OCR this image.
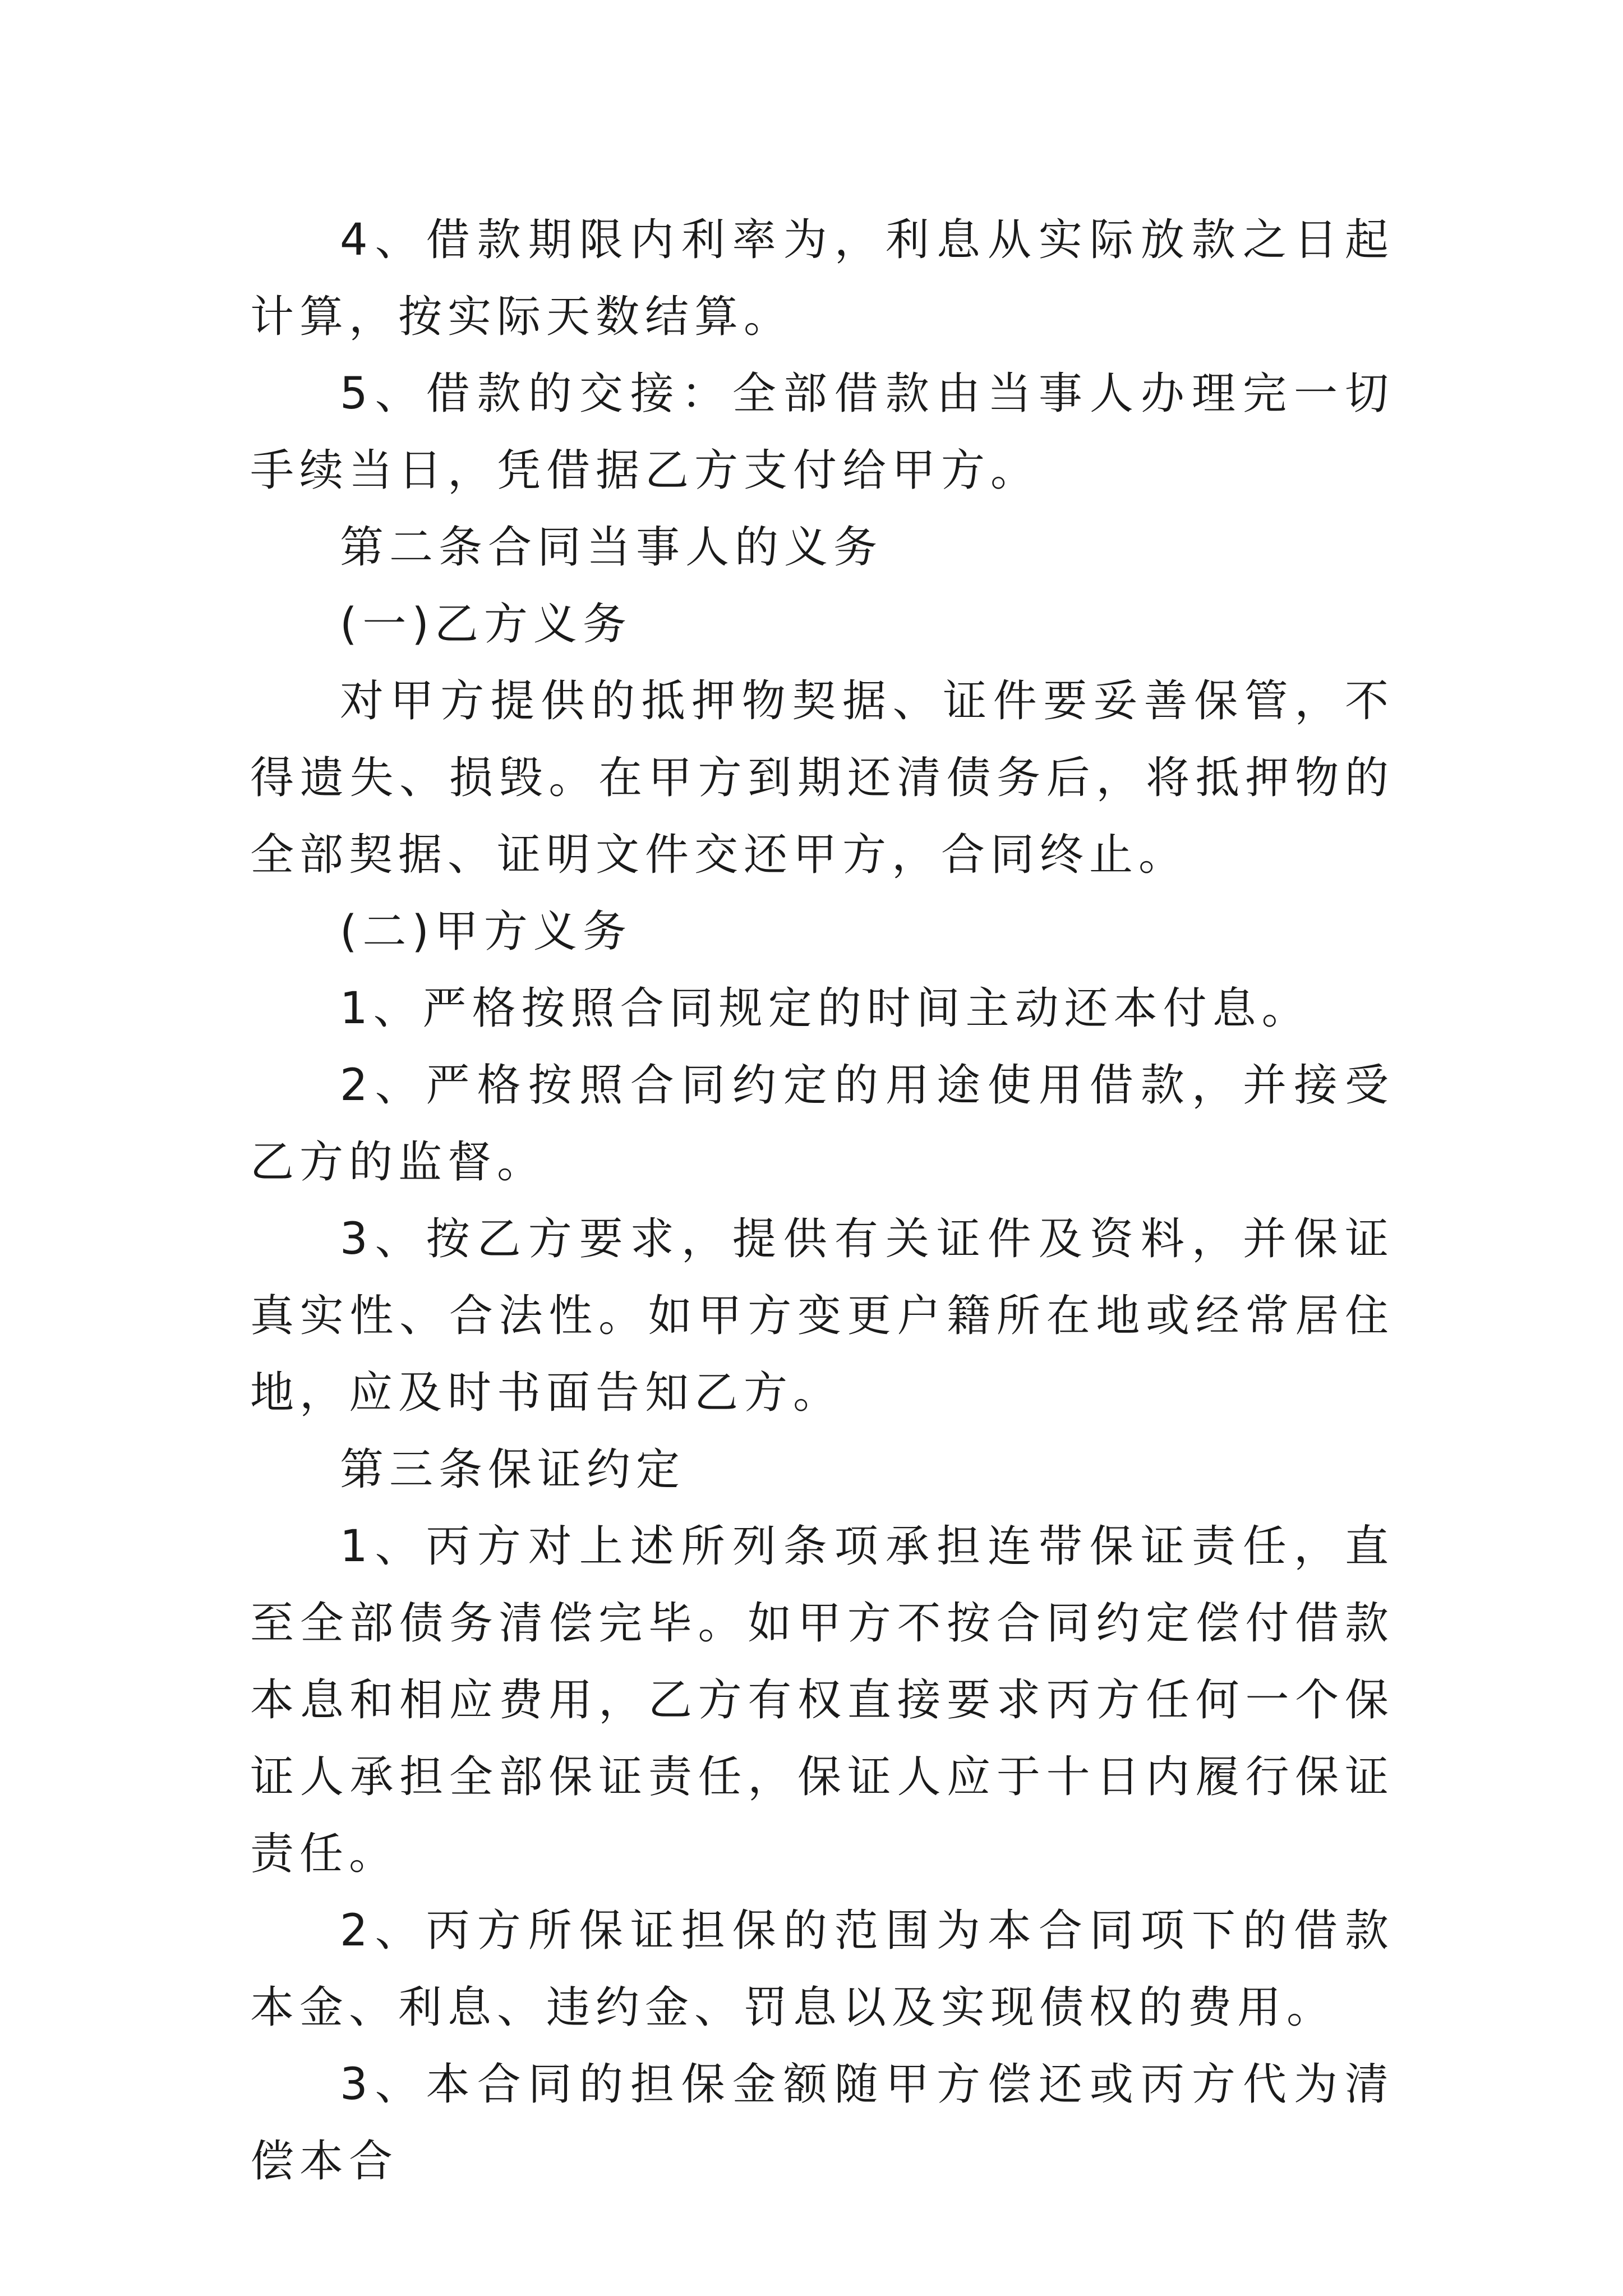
4、借款期限内利率为，利息从实际放款之日起计算，按实际天数结算。

5、借款的交接：全部借款由当事人办理完一切手续当日，凭借据乙方支付给甲方。

第二条合同当事人的义务

(一)乙方义务

对甲方提供的抵押物契据、证件要妥善保管，不得遗失、损毁。在甲方到期还清债务后，将抵押物的全部契据、证明文件交还甲方，合同终止。

(二)甲方义务

1、严格按照合同规定的时间主动还本付息。

2、严格按照合同约定的用途使用借款，并接受乙方的监督。

3、按乙方要求，提供有关证件及资料，并保证真实性、合法性。如甲方变更户籍所在地或经常居住地，应及时书面告知乙方。

第三条保证约定

1、丙方对上述所列条项承担连带保证责任，直至全部债务清偿完毕。如甲方不按合同约定偿付借款本息和相应费用，乙方有权直接要求丙方任何一个保证人承担全部保证责任，保证人应于十日内履行保证责任。

2、丙方所保证担保的范围为本合同项下的借款本金、利息、违约金、罚息以及实现债权的费用。

3、本合同的担保金额随甲方偿还或丙方代为清偿本合
